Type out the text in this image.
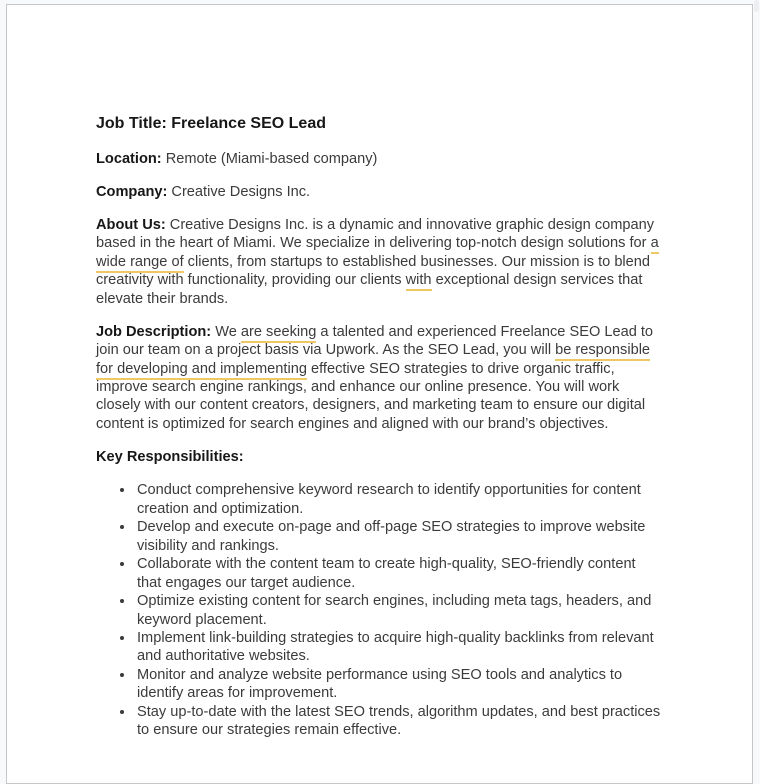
Job Title: Freelance SEO Lead

Location: Remote (Miami-based company)

Company: Creative Designs Inc.

About Us: Creative Designs Inc. is a dynamic and innovative graphic design company based in the heart of Miami. We specialize in delivering top-notch design solutions for a wide range of clients, from startups to established businesses. Our mission is to blend creativity with functionality, providing our clients with exceptional design services that elevate their brands.

Job Description: We are seeking a talented and experienced Freelance SEO Lead to join our team on a project basis via Upwork. As the SEO Lead, you will be responsible for developing and implementing effective SEO strategies to drive organic traffic, improve search engine rankings, and enhance our online presence. You will work closely with our content creators, designers, and marketing team to ensure our digital content is optimized for search engines and aligned with our brand’s objectives.

Key Responsibilities:
• Conduct comprehensive keyword research to identify opportunities for content creation and optimization.
• Develop and execute on-page and off-page SEO strategies to improve website visibility and rankings.
• Collaborate with the content team to create high-quality, SEO-friendly content that engages our target audience.
• Optimize existing content for search engines, including meta tags, headers, and keyword placement.
• Implement link-building strategies to acquire high-quality backlinks from relevant and authoritative websites.
• Monitor and analyze website performance using SEO tools and analytics to identify areas for improvement.
• Stay up-to-date with the latest SEO trends, algorithm updates, and best practices to ensure our strategies remain effective.
